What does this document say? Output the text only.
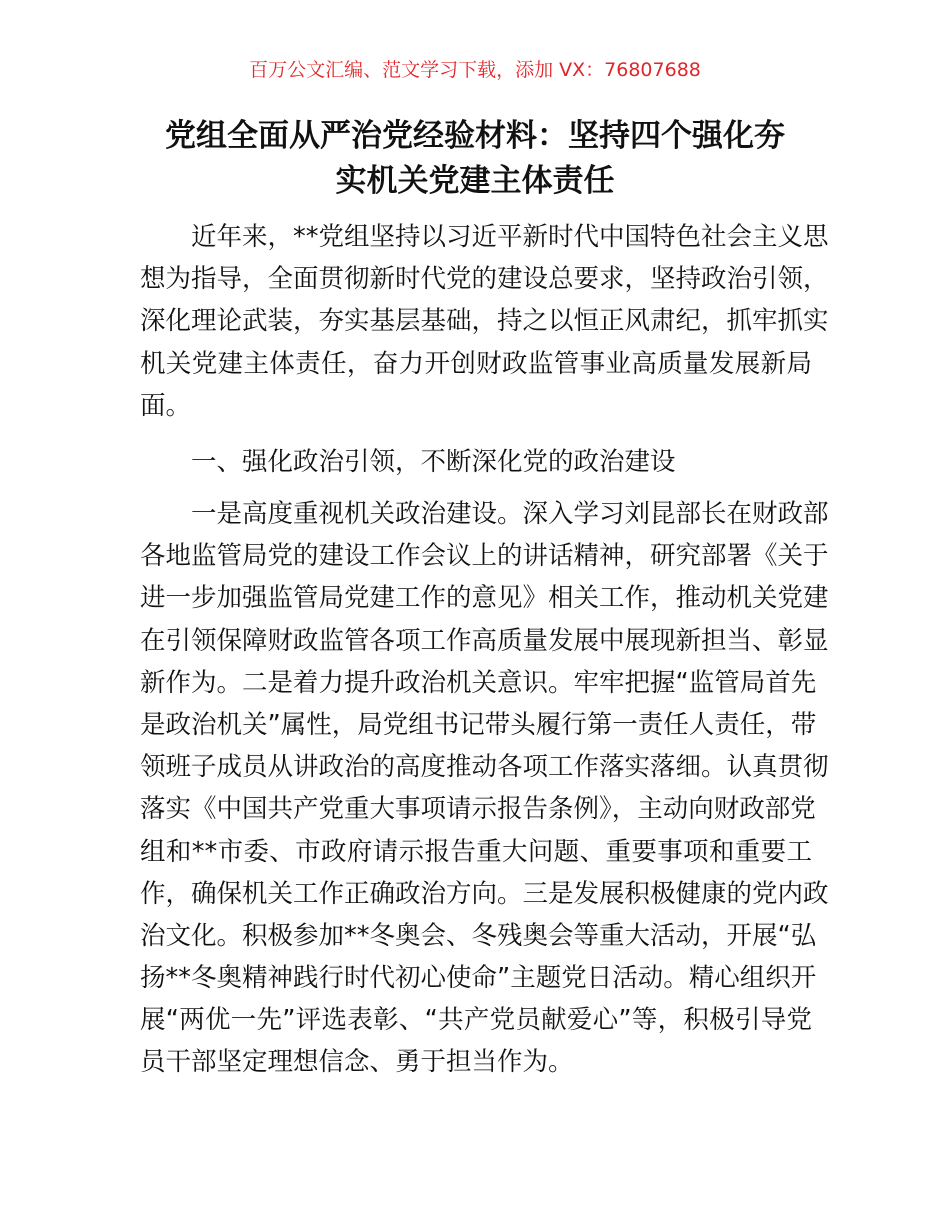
百万公文汇编、范文学习下载，添加 VX：76807688
党组全面从严治党经验材料：坚持四个强化夯
实机关党建主体责任
近年来，**党组坚持以习近平新时代中国特色社会主义思
想为指导，全面贯彻新时代党的建设总要求，坚持政治引领，
深化理论武装，夯实基层基础，持之以恒正风肃纪，抓牢抓实
机关党建主体责任，奋力开创财政监管事业高质量发展新局
面。
一、强化政治引领，不断深化党的政治建设
一是高度重视机关政治建设。深入学习刘昆部长在财政部
各地监管局党的建设工作会议上的讲话精神，研究部署《关于
进一步加强监管局党建工作的意见》相关工作，推动机关党建
在引领保障财政监管各项工作高质量发展中展现新担当、彰显
新作为。二是着力提升政治机关意识。牢牢把握“监管局首先
是政治机关”属性，局党组书记带头履行第一责任人责任，带
领班子成员从讲政治的高度推动各项工作落实落细。认真贯彻
落实《中国共产党重大事项请示报告条例》，主动向财政部党
组和**市委、市政府请示报告重大问题、重要事项和重要工
作，确保机关工作正确政治方向。三是发展积极健康的党内政
治文化。积极参加**冬奥会、冬残奥会等重大活动，开展“弘
扬**冬奥精神践行时代初心使命”主题党日活动。精心组织开
展“两优一先”评选表彰、“共产党员献爱心”等，积极引导党
员干部坚定理想信念、勇于担当作为。
